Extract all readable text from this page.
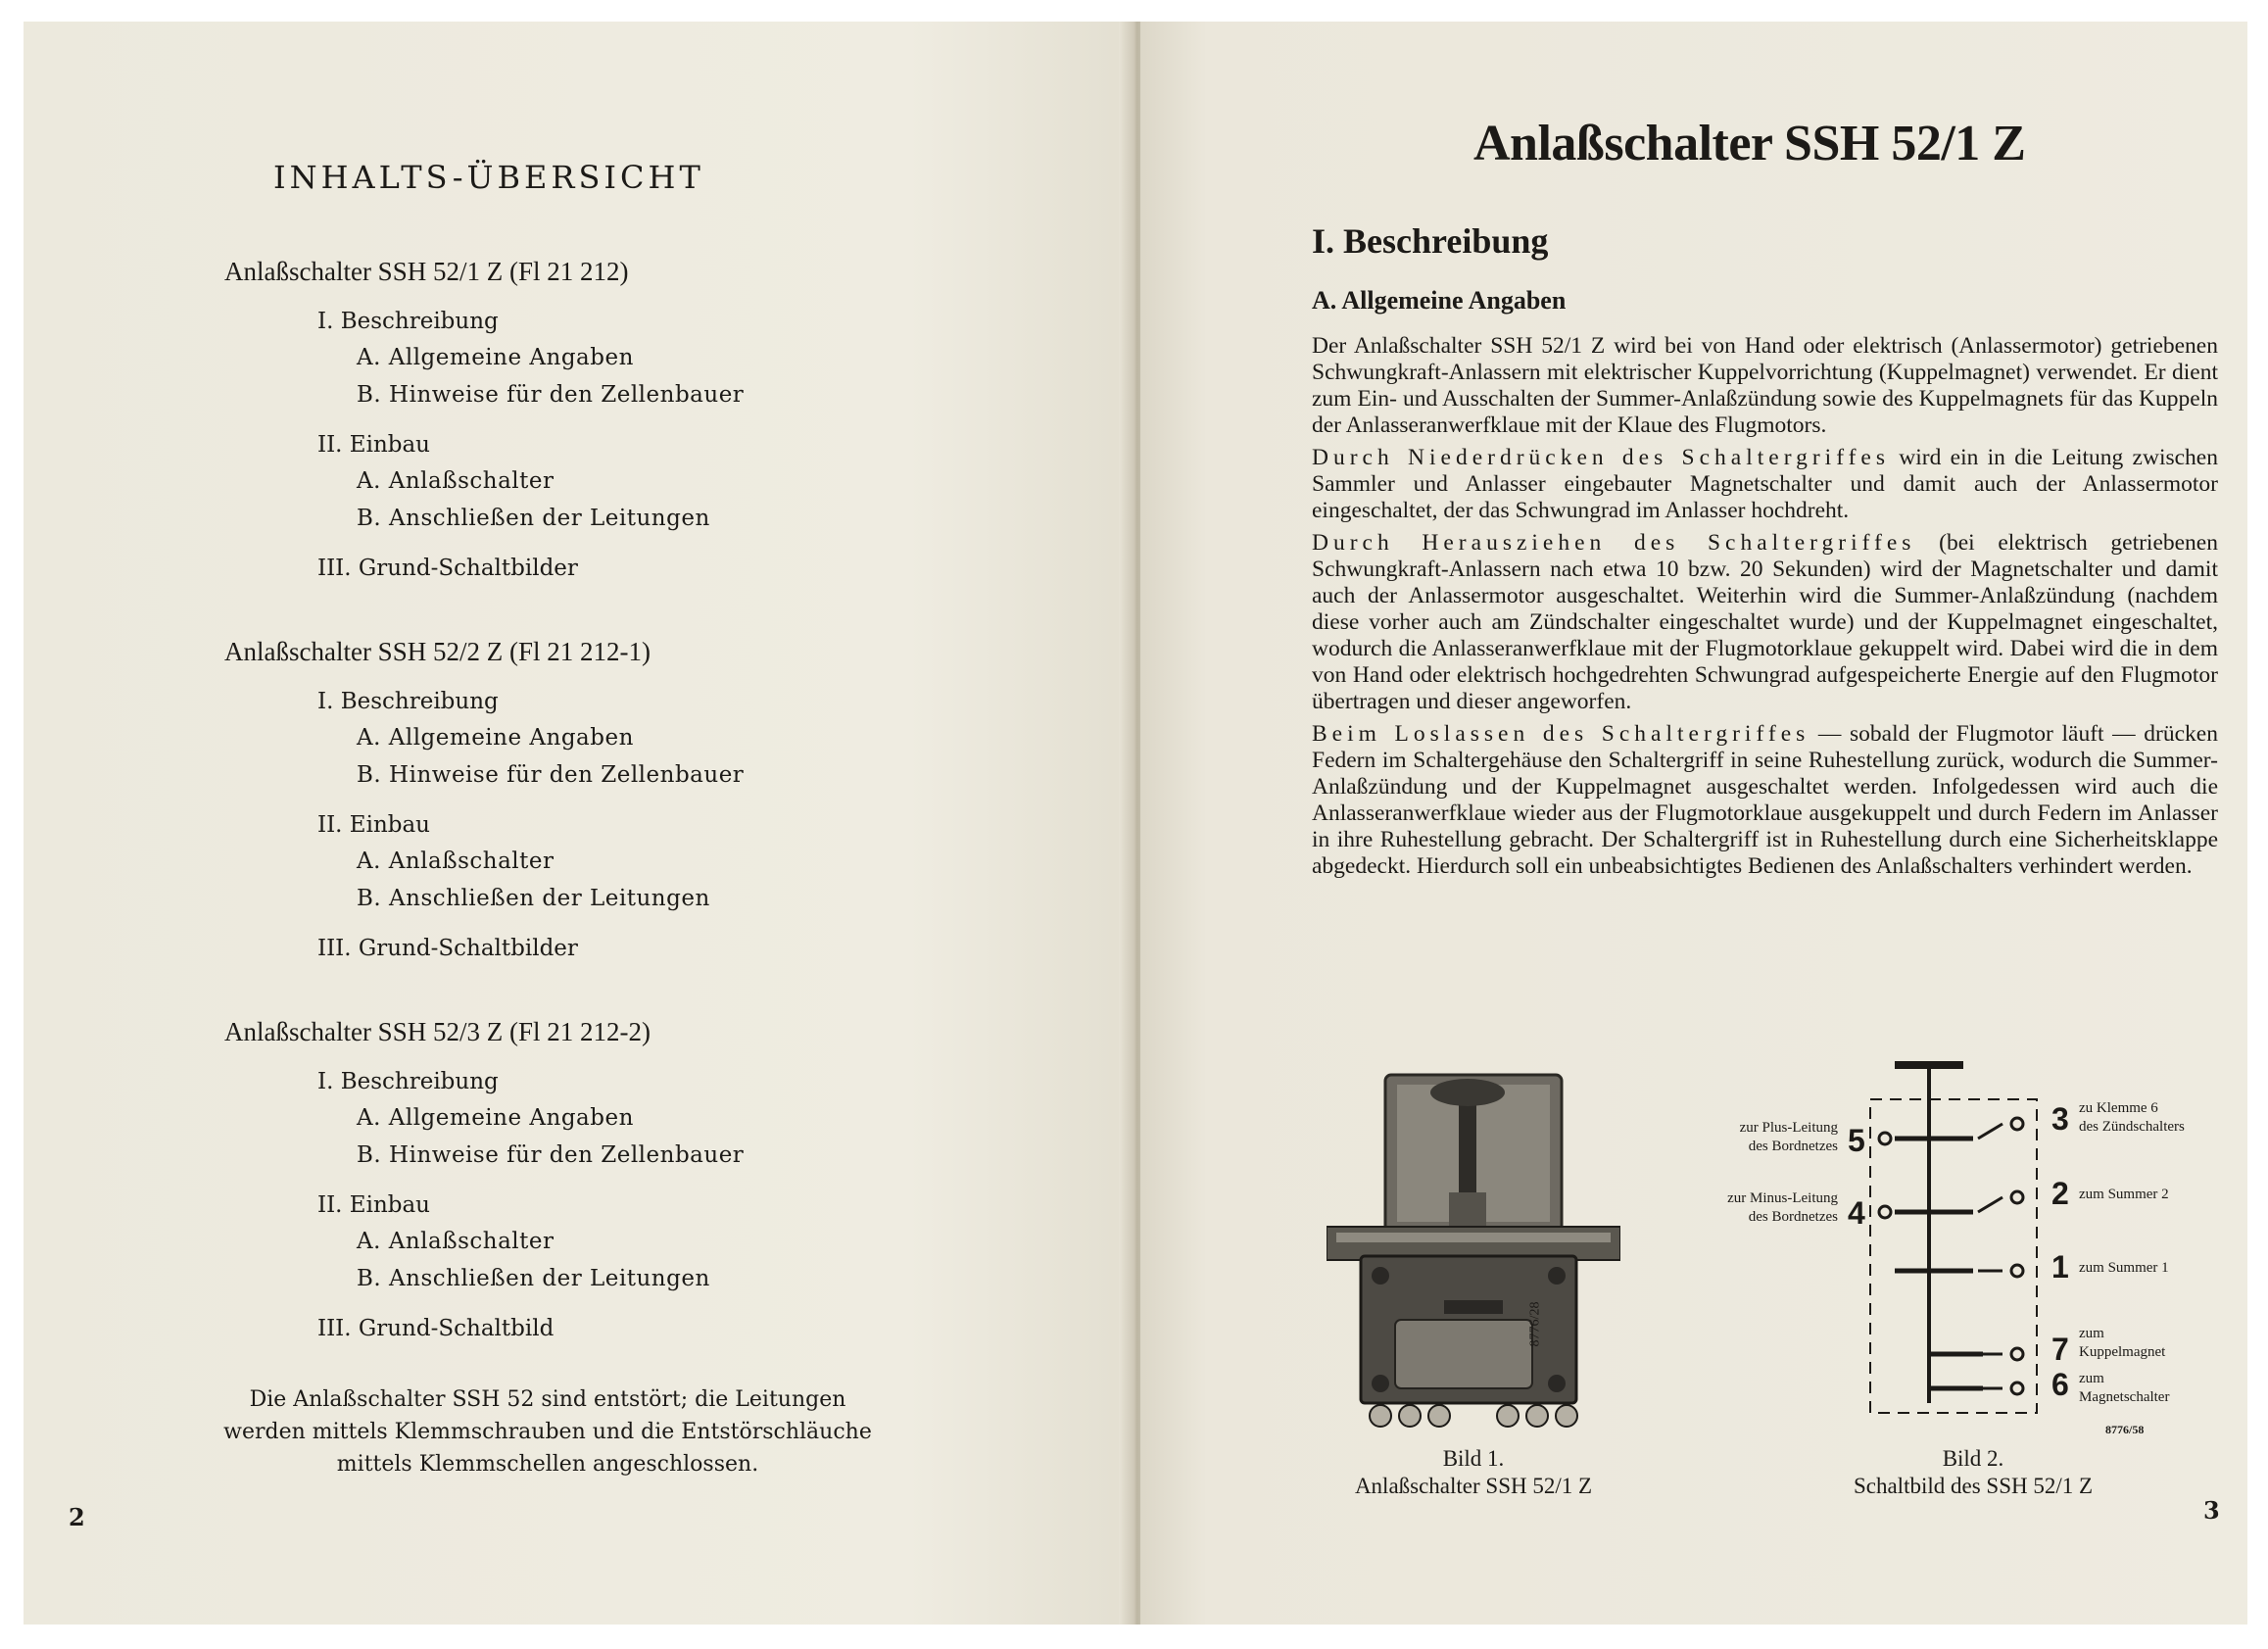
INHALTS-ÜBERSICHT
Anlaßschalter SSH 52/1 Z (Fl 21 212)
I. Beschreibung
A. Allgemeine Angaben
B. Hinweise für den Zellenbauer
II. Einbau
A. Anlaßschalter
B. Anschließen der Leitungen
III. Grund-Schaltbilder
Anlaßschalter SSH 52/2 Z (Fl 21 212-1)
I. Beschreibung
A. Allgemeine Angaben
B. Hinweise für den Zellenbauer
II. Einbau
A. Anlaßschalter
B. Anschließen der Leitungen
III. Grund-Schaltbilder
Anlaßschalter SSH 52/3 Z (Fl 21 212-2)
I. Beschreibung
A. Allgemeine Angaben
B. Hinweise für den Zellenbauer
II. Einbau
A. Anlaßschalter
B. Anschließen der Leitungen
III. Grund-Schaltbild
Die Anlaßschalter SSH 52 sind entstört; die Leitungen
werden mittels Klemmschrauben und die Entstörschläuche
mittels Klemmschellen angeschlossen.
2
Anlaßschalter SSH 52/1 Z
I. Beschreibung
A. Allgemeine Angaben

Der Anlaßschalter SSH 52/1 Z wird bei von Hand oder elektrisch (Anlassermotor) getriebenen Schwungkraft-Anlassern mit elektrischer Kuppelvorrichtung (Kuppelmagnet) verwendet. Er dient zum Ein- und Ausschalten der Summer-Anlaßzündung sowie des Kuppelmagnets für das Kuppeln der Anlasseranwerfklaue mit der Klaue des Flugmotors.

Durch Niederdrücken des Schaltergriffes wird ein in die Leitung zwischen Sammler und Anlasser eingebauter Magnetschalter und damit auch der Anlassermotor eingeschaltet, der das Schwungrad im Anlasser hochdreht.

Durch Herausziehen des Schaltergriffes (bei elektrisch getriebenen Schwungkraft-Anlassern nach etwa 10 bzw. 20 Sekunden) wird der Magnetschalter und damit auch der Anlassermotor ausgeschaltet. Weiterhin wird die Summer-Anlaßzündung (nachdem diese vorher auch am Zündschalter eingeschaltet wurde) und der Kuppelmagnet eingeschaltet, wodurch die Anlasseranwerfklaue mit der Flugmotorklaue gekuppelt wird. Dabei wird die in dem von Hand oder elektrisch hochgedrehten Schwungrad aufgespeicherte Energie auf den Flugmotor übertragen und dieser angeworfen.

Beim Loslassen des Schaltergriffes — sobald der Flugmotor läuft — drücken Federn im Schaltergehäuse den Schaltergriff in seine Ruhestellung zurück, wodurch die Summer-Anlaßzündung und der Kuppelmagnet ausgeschaltet werden. Infolgedessen wird auch die Anlasseranwerfklaue wieder aus der Flugmotorklaue ausgekuppelt und durch Federn im Anlasser in ihre Ruhestellung gebracht. Der Schaltergriff ist in Ruhestellung durch eine Sicherheitsklappe abgedeckt. Hierdurch soll ein unbeabsichtigtes Bedienen des Anlaßschalters verhindert werden.

8776/28
Bild 1.
Anlaßschalter SSH 52/1 Z
8776/58
zur Plus-Leitung
des Bordnetzes 5
zur Minus-Leitung
des Bordnetzes 4
3 zu Klemme 6
des Zündschalters
2 zum Summer 2
1 zum Summer 1
7 zum
Kuppelmagnet
6 zum
Magnetschalter
Bild 2.
Schaltbild des SSH 52/1 Z
3
